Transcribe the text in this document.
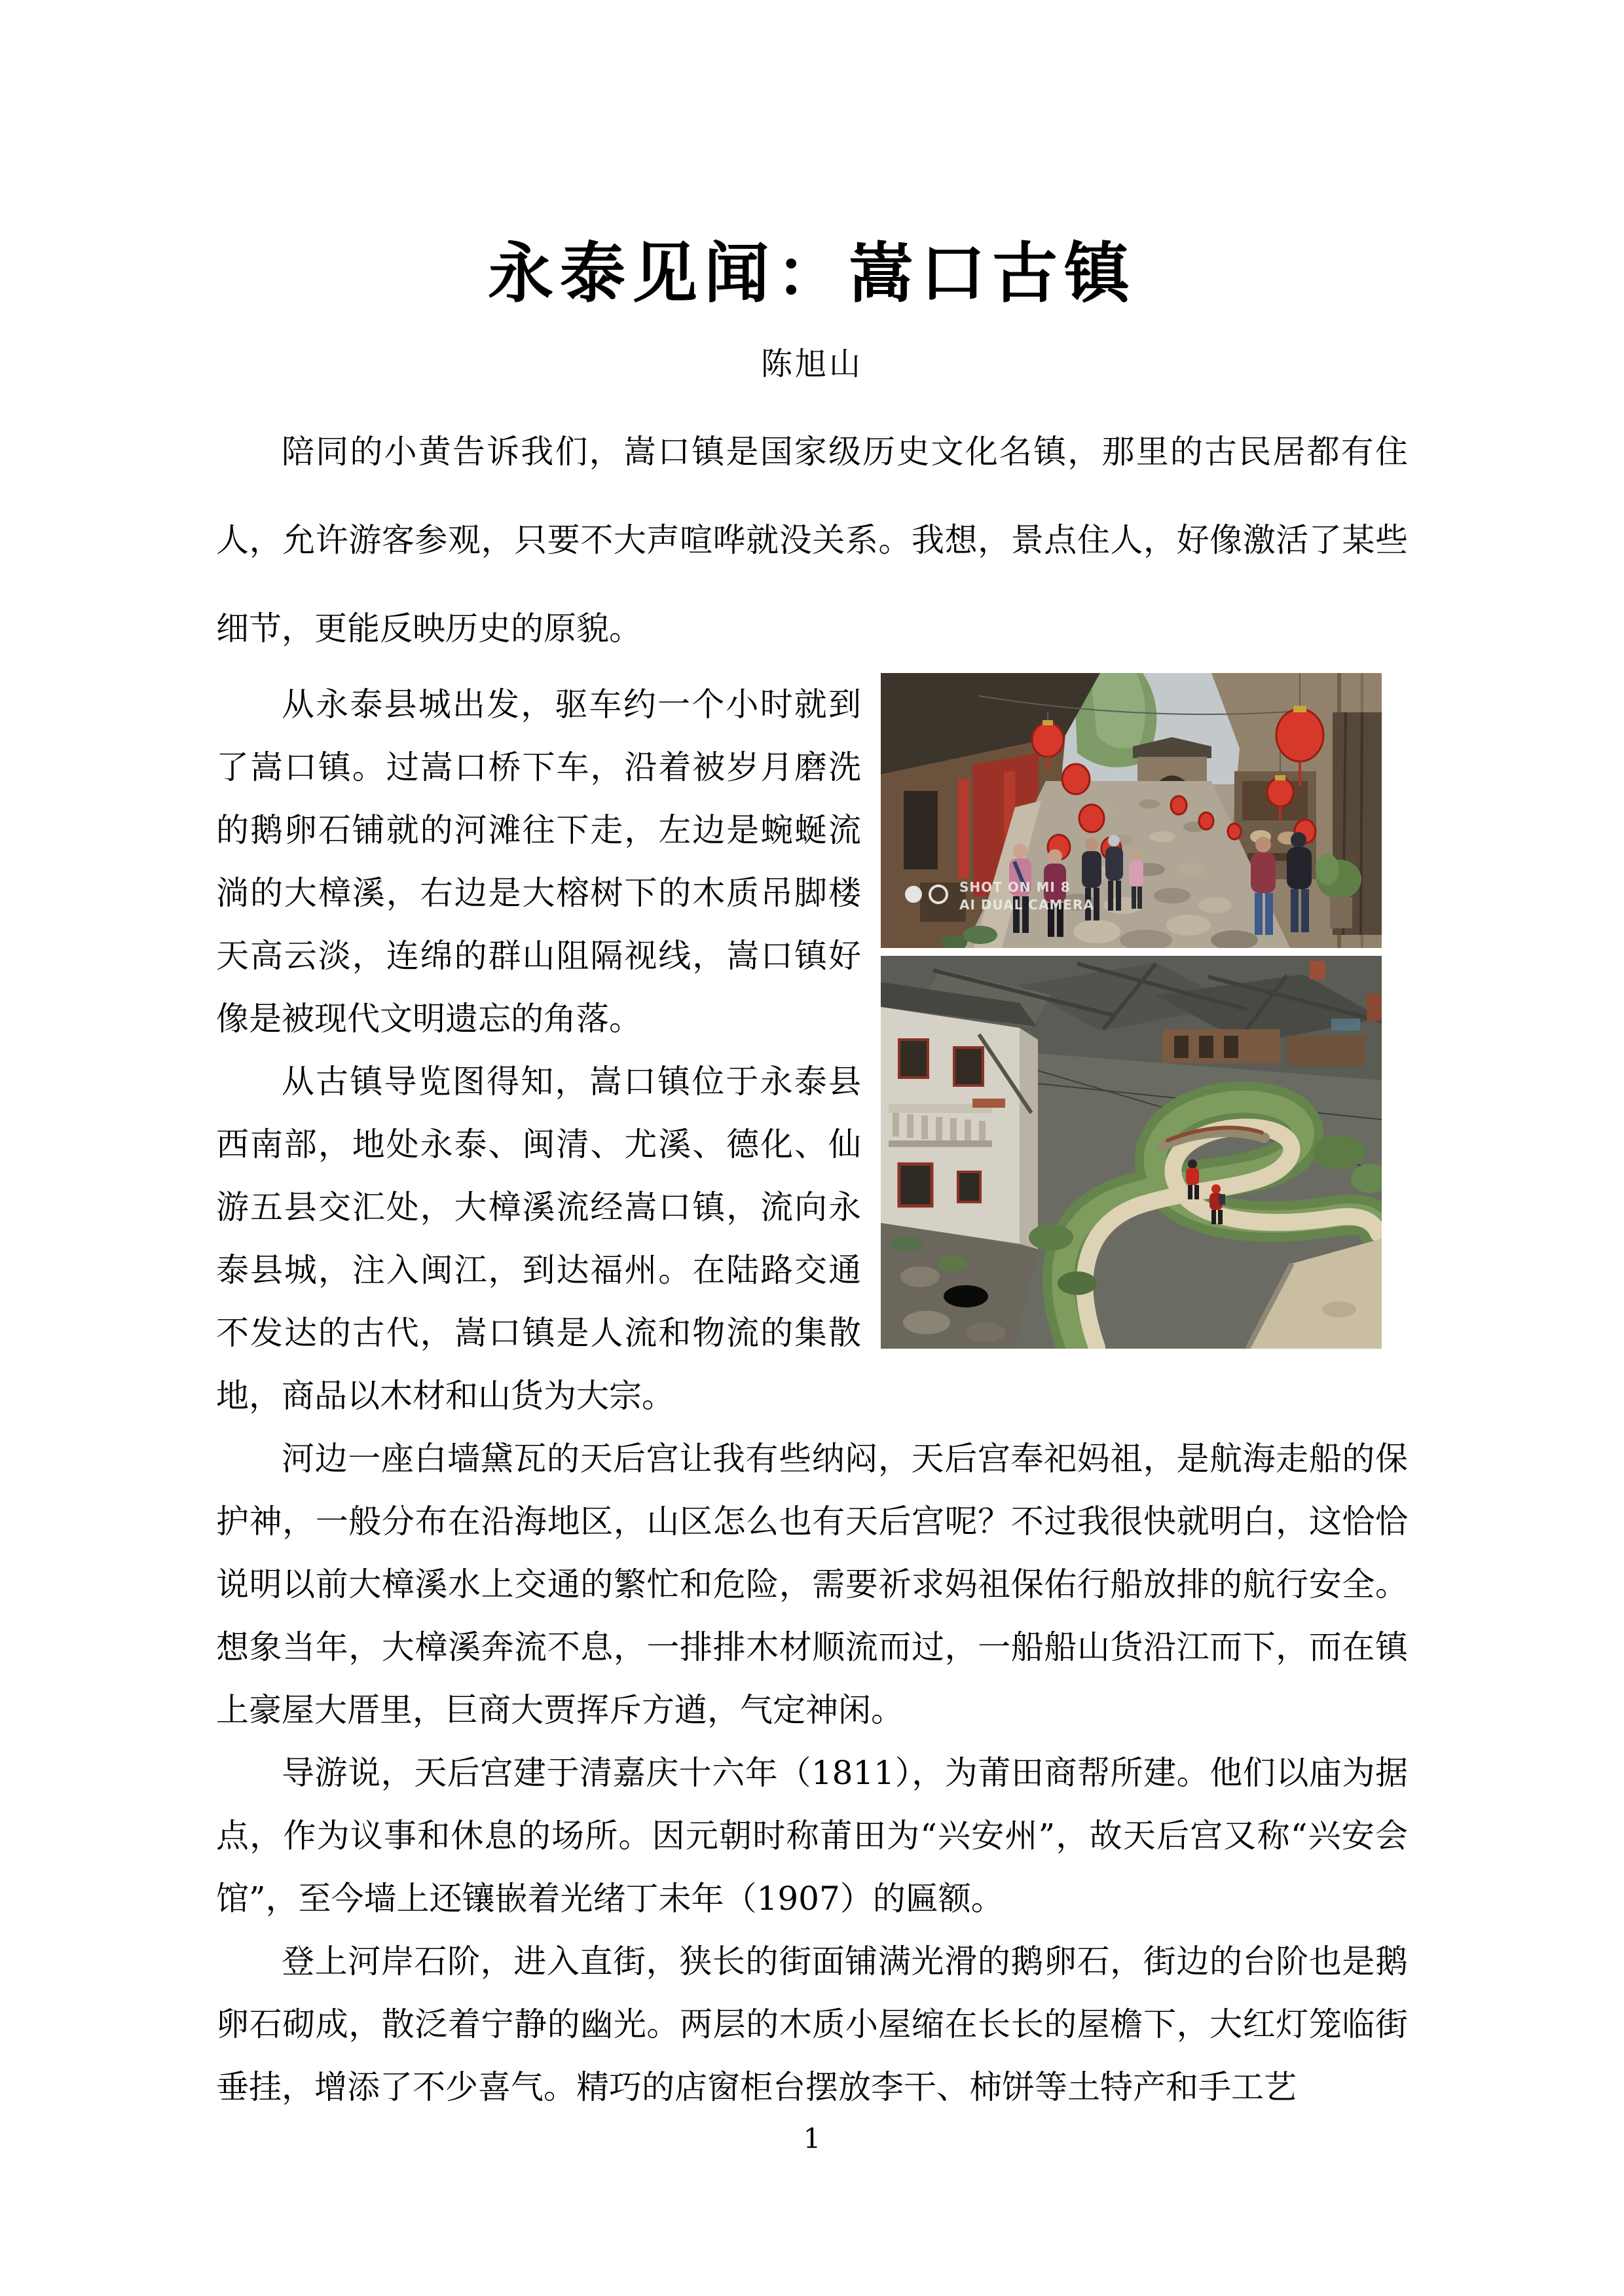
永泰见闻：嵩口古镇
陈旭山

陪同的小黄告诉我们，嵩口镇是国家级历史文化名镇，那里的古民居都有住人，允许游客参观，只要不大声喧哗就没关系。我想，景点住人，好像激活了某些细节，更能反映历史的原貌。

SHOT ON MI 8
AI DUAL CAMERA

从永泰县城出发，驱车约一个小时就到了嵩口镇。过嵩口桥下车，沿着被岁月磨洗的鹅卵石铺就的河滩往下走，左边是蜿蜒流淌的大樟溪，右边是大榕树下的木质吊脚楼天高云淡，连绵的群山阻隔视线，嵩口镇好像是被现代文明遗忘的角落。

从古镇导览图得知，嵩口镇位于永泰县西南部，地处永泰、闽清、尤溪、德化、仙游五县交汇处，大樟溪流经嵩口镇，流向永泰县城，注入闽江，到达福州。在陆路交通不发达的古代，嵩口镇是人流和物流的集散地，商品以木材和山货为大宗。

河边一座白墙黛瓦的天后宫让我有些纳闷，天后宫奉祀妈祖，是航海走船的保护神，一般分布在沿海地区，山区怎么也有天后宫呢？不过我很快就明白，这恰恰说明以前大樟溪水上交通的繁忙和危险，需要祈求妈祖保佑行船放排的航行安全。想象当年，大樟溪奔流不息，一排排木材顺流而过，一船船山货沿江而下，而在镇上豪屋大厝里，巨商大贾挥斥方遒，气定神闲。

导游说，天后宫建于清嘉庆十六年（1811），为莆田商帮所建。他们以庙为据点，作为议事和休息的场所。因元朝时称莆田为“兴安州”，故天后宫又称“兴安会馆”，至今墙上还镶嵌着光绪丁未年（1907）的匾额。

登上河岸石阶，进入直街，狭长的街面铺满光滑的鹅卵石，街边的台阶也是鹅卵石砌成，散泛着宁静的幽光。两层的木质小屋缩在长长的屋檐下，大红灯笼临街垂挂，增添了不少喜气。精巧的店窗柜台摆放李干、柿饼等土特产和手工艺

1
